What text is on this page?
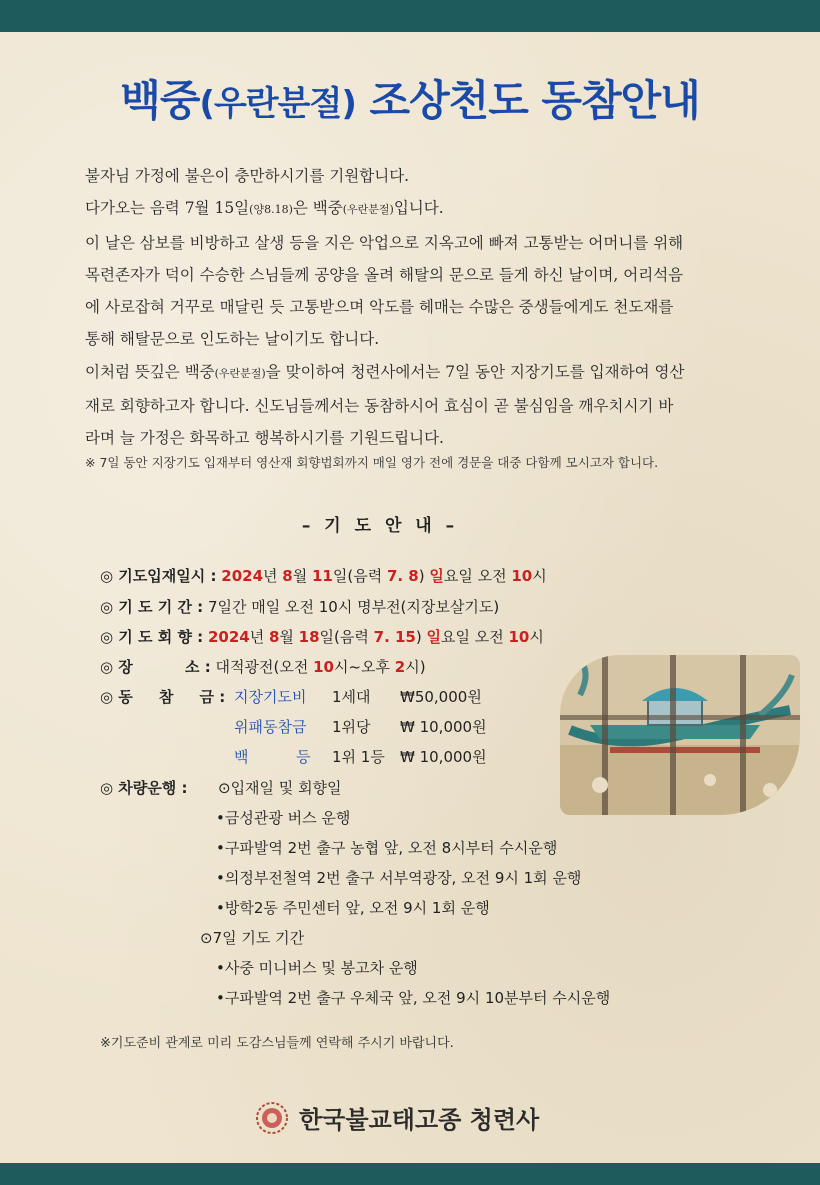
백중(우란분절) 조상천도 동참안내

불자님 가정에 불은이 충만하시기를 기원합니다.

다가오는 음력 7월 15일(양8.18)은 백중(우란분절)입니다.

이 날은 삼보를 비방하고 살생 등을 지은 악업으로 지옥고에 빠져 고통받는 어머니를 위해

목련존자가 덕이 수승한 스님들께 공양을 올려 해탈의 문으로 들게 하신 날이며, 어리석음

에 사로잡혀 거꾸로 매달린 듯 고통받으며 악도를 헤매는 수많은 중생들에게도 천도재를

통해 해탈문으로 인도하는 날이기도 합니다.

이처럼 뜻깊은 백중(우란분절)을 맞이하여 청련사에서는 7일 동안 지장기도를 입재하여 영산

재로 회향하고자 합니다. 신도님들께서는 동참하시어 효심이 곧 불심임을 깨우치시기 바

라며 늘 가정은 화목하고 행복하시기를 기원드립니다.

※ 7일 동안 지장기도 입재부터 영산재 회향법회까지 매일 영가 전에 경문을 대중 다함께 모시고자 합니다.
– 기 도 안 내 –
◎ 기도입재일시 : 2024년 8월 11일(음력 7. 8) 일요일 오전 10시
◎ 기 도 기 간 : 7일간 매일 오전 10시 명부전(지장보살기도)
◎ 기 도 회 향 : 2024년 8월 18일(음력 7. 15) 일요일 오전 10시
◎ 장          소 : 대적광전(오전 10시~오후 2시)
◎ 동     참     금 : 지장기도비 1세대 ₩50,000원
위패동참금 1위당 ₩ 10,000원
백          등 1위 1등 ₩ 10,000원
◎ 차량운행 : ⊙입재일 및 회향일
•금성관광 버스 운행
•구파발역 2번 출구 농협 앞, 오전 8시부터 수시운행
•의정부전철역 2번 출구 서부역광장, 오전 9시 1회 운행
•방학2동 주민센터 앞, 오전 9시 1회 운행
⊙7일 기도 기간
•사중 미니버스 및 봉고차 운행
•구파발역 2번 출구 우체국 앞, 오전 9시 10분부터 수시운행
※기도준비 관계로 미리 도감스님들께 연락해 주시기 바랍니다.
한국불교태고종 청련사
